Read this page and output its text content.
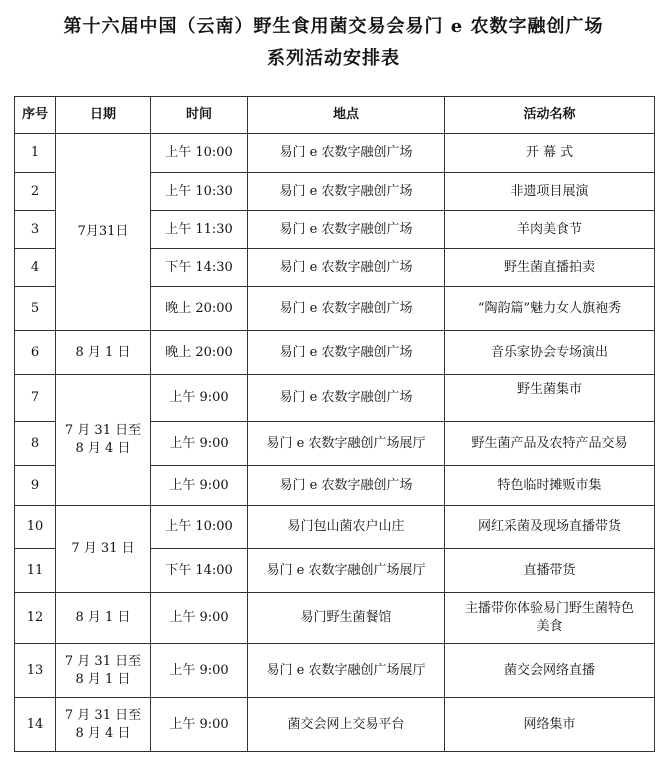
第十六届中国（云南）野生食用菌交易会易门 e 农数字融创广场
系列活动安排表
序号	日期	时间	地点	活动名称
1	7月31日	上午 10:00	易门 e 农数字融创广场	开 幕 式
2		上午 10:30	易门 e 农数字融创广场	非遗项目展演
3		上午 11:30	易门 e 农数字融创广场	羊肉美食节
4		下午 14:30	易门 e 农数字融创广场	野生菌直播拍卖
5		晚上 20:00	易门 e 农数字融创广场	“陶韵篇”魅力女人旗袍秀
6	8 月 1 日	晚上 20:00	易门 e 农数字融创广场	音乐家协会专场演出
7	7 月 31 日至 8 月 4 日	上午 9:00	易门 e 农数字融创广场	野生菌集市
8		上午 9:00	易门 e 农数字融创广场展厅	野生菌产品及农特产品交易
9		上午 9:00	易门 e 农数字融创广场	特色临时摊贩市集
10	7 月 31 日	上午 10:00	易门包山菌农户山庄	网红采菌及现场直播带货
11		下午 14:00	易门 e 农数字融创广场展厅	直播带货
12	8 月 1 日	上午 9:00	易门野生菌餐馆	主播带你体验易门野生菌特色美食
13	7 月 31 日至 8 月 1 日	上午 9:00	易门 e 农数字融创广场展厅	菌交会网络直播
14	7 月 31 日至 8 月 4 日	上午 9:00	菌交会网上交易平台	网络集市
